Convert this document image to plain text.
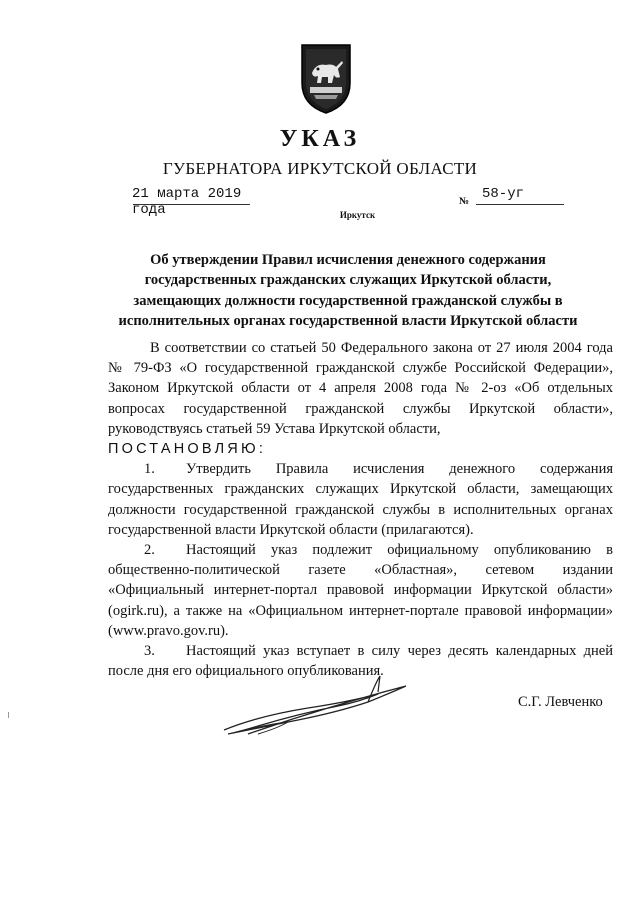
УКАЗ
ГУБЕРНАТОРА ИРКУТСКОЙ ОБЛАСТИ
21 марта 2019 года
№ 58-уг
Иркутск
Об утверждении Правил исчисления денежного содержания
государственных гражданских служащих Иркутской области,
замещающих должности государственной гражданской службы в
исполнительных органах государственной власти Иркутской области

В соответствии со статьей 50 Федерального закона от 27 июля 2004 года № 79-ФЗ «О государственной гражданской службе Российской Федерации», Законом Иркутской области от 4 апреля 2008 года № 2-оз «Об отдельных вопросах государственной гражданской службы Иркутской области», руководствуясь статьей 59 Устава Иркутской области,

ПОСТАНОВЛЯЮ:

1. Утвердить Правила исчисления денежного содержания государственных гражданских служащих Иркутской области, замещающих должности государственной гражданской службы в исполнительных органах государственной власти Иркутской области (прилагаются).

2. Настоящий указ подлежит официальному опубликованию в общественно-политической газете «Областная», сетевом издании «Официальный интернет-портал правовой информации Иркутской области» (ogirk.ru), а также на «Официальном интернет-портале правовой информации» (www.pravo.gov.ru).

3. Настоящий указ вступает в силу через десять календарных дней после дня его официального опубликования.

С.Г. Левченко
